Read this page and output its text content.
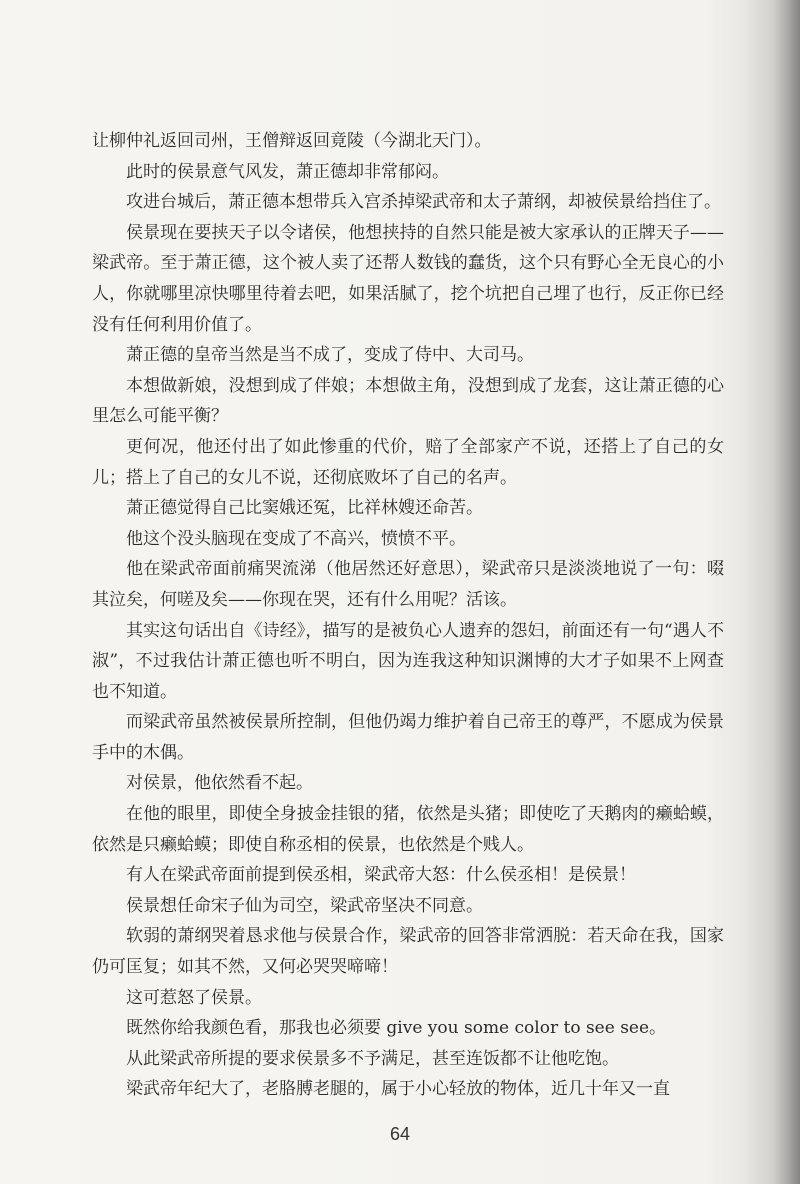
让柳仲礼返回司州，王僧辩返回竟陵（今湖北天门）。

此时的侯景意气风发，萧正德却非常郁闷。

攻进台城后，萧正德本想带兵入宫杀掉梁武帝和太子萧纲，却被侯景给挡住了。

侯景现在要挟天子以令诸侯，他想挟持的自然只能是被大家承认的正牌天子——梁武帝。至于萧正德，这个被人卖了还帮人数钱的蠢货，这个只有野心全无良心的小人，你就哪里凉快哪里待着去吧，如果活腻了，挖个坑把自己埋了也行，反正你已经没有任何利用价值了。

萧正德的皇帝当然是当不成了，变成了侍中、大司马。

本想做新娘，没想到成了伴娘；本想做主角，没想到成了龙套，这让萧正德的心里怎么可能平衡？

更何况，他还付出了如此惨重的代价，赔了全部家产不说，还搭上了自己的女儿；搭上了自己的女儿不说，还彻底败坏了自己的名声。

萧正德觉得自己比窦娥还冤，比祥林嫂还命苦。

他这个没头脑现在变成了不高兴，愤愤不平。

他在梁武帝面前痛哭流涕（他居然还好意思），梁武帝只是淡淡地说了一句：啜其泣矣，何嗟及矣——你现在哭，还有什么用呢？活该。

其实这句话出自《诗经》，描写的是被负心人遗弃的怨妇，前面还有一句“遇人不淑”，不过我估计萧正德也听不明白，因为连我这种知识渊博的大才子如果不上网查也不知道。

而梁武帝虽然被侯景所控制，但他仍竭力维护着自己帝王的尊严，不愿成为侯景手中的木偶。

对侯景，他依然看不起。

在他的眼里，即使全身披金挂银的猪，依然是头猪；即使吃了天鹅肉的癞蛤蟆，依然是只癞蛤蟆；即使自称丞相的侯景，也依然是个贱人。

有人在梁武帝面前提到侯丞相，梁武帝大怒：什么侯丞相！是侯景！

侯景想任命宋子仙为司空，梁武帝坚决不同意。

软弱的萧纲哭着恳求他与侯景合作，梁武帝的回答非常洒脱：若天命在我，国家仍可匡复；如其不然，又何必哭哭啼啼！

这可惹怒了侯景。

既然你给我颜色看，那我也必须要 give you some color to see see。

从此梁武帝所提的要求侯景多不予满足，甚至连饭都不让他吃饱。

梁武帝年纪大了，老胳膊老腿的，属于小心轻放的物体，近几十年又一直

64
